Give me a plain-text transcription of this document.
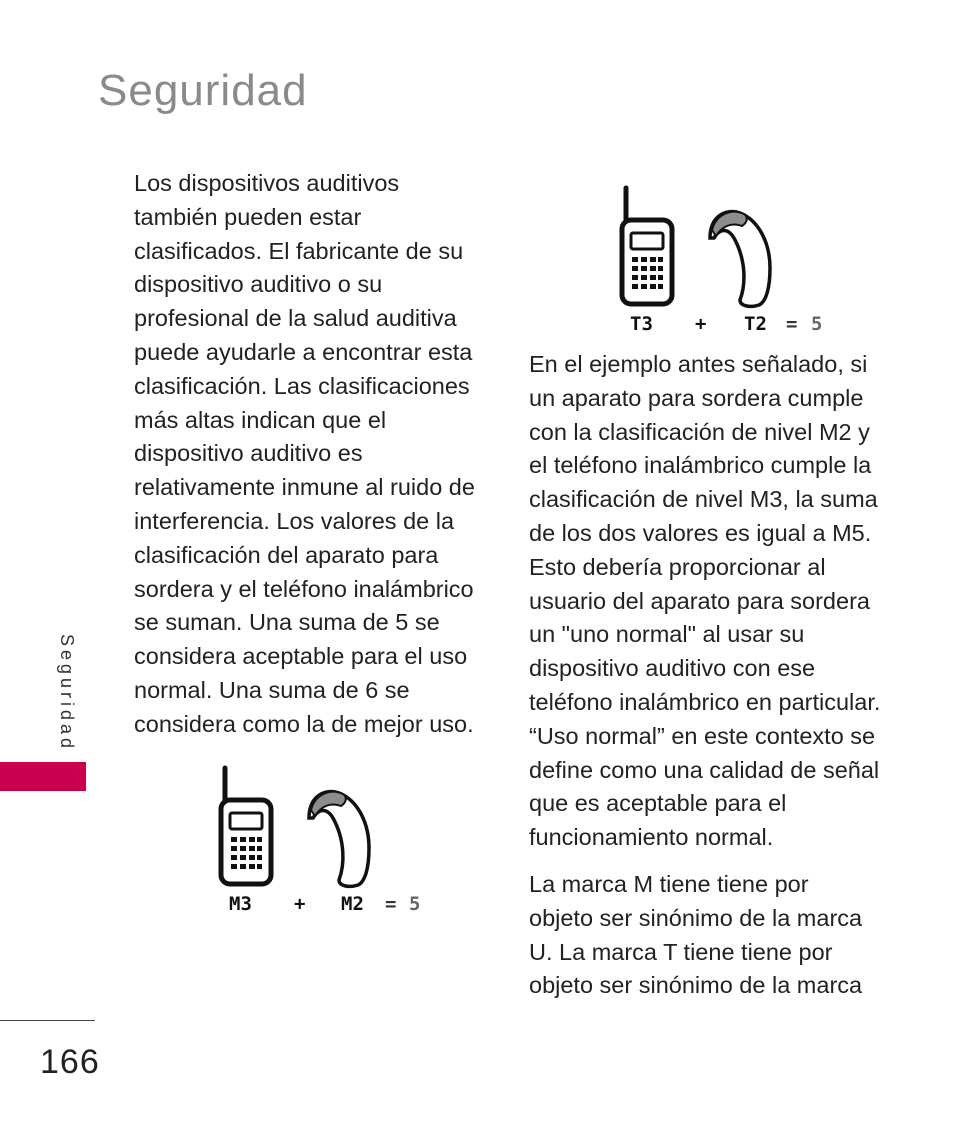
Seguridad

Los dispositivos auditivos
también pueden estar
clasificados. El fabricante de su
dispositivo auditivo o su
profesional de la salud auditiva
puede ayudarle a encontrar esta
clasificación. Las clasificaciones
más altas indican que el
dispositivo auditivo es
relativamente inmune al ruido de
interferencia. Los valores de la
clasificación del aparato para
sordera y el teléfono inalámbrico
se suman. Una suma de 5 se
considera aceptable para el uso
normal. Una suma de 6 se
considera como la de mejor uso.

En el ejemplo antes señalado, si
un aparato para sordera cumple
con la clasificación de nivel M2 y
el teléfono inalámbrico cumple la
clasificación de nivel M3, la suma
de los dos valores es igual a M5.
Esto debería proporcionar al
usuario del aparato para sordera
un "uno normal" al usar su
dispositivo auditivo con ese
teléfono inalámbrico en particular.
“Uso normal” en este contexto se
define como una calidad de señal
que es aceptable para el
funcionamiento normal.

La marca M tiene tiene por
objeto ser sinónimo de la marca
U. La marca T tiene tiene por
objeto ser sinónimo de la marca

T3 + T2 = 5
M3 + M2 = 5
Seguridad
166
